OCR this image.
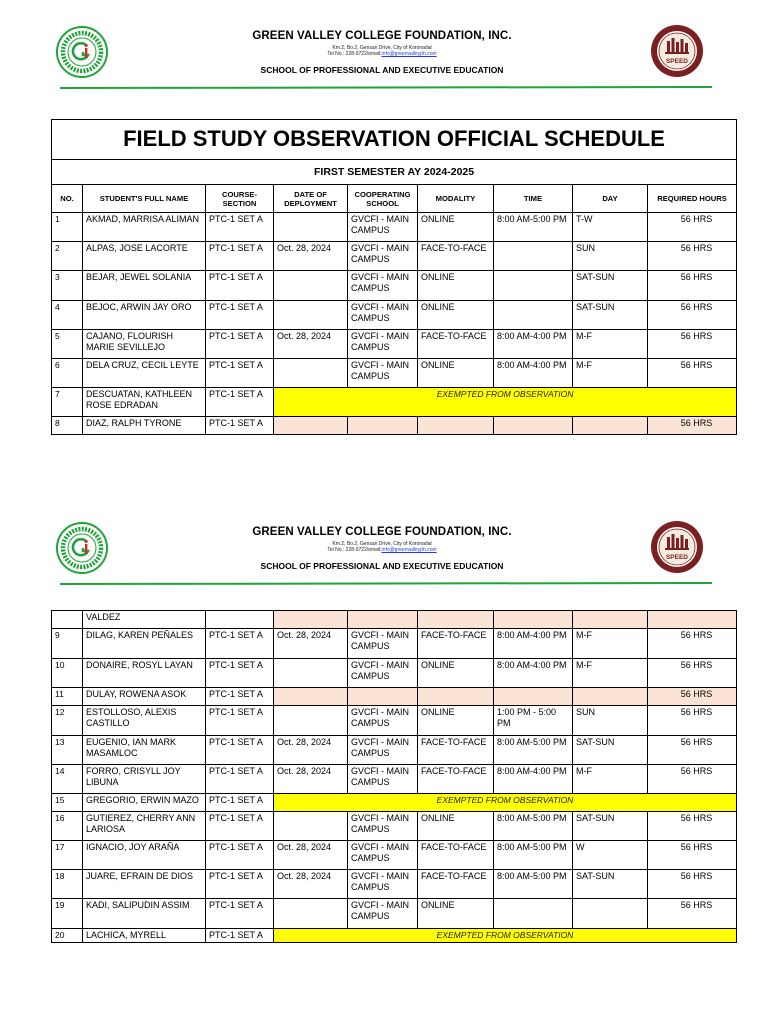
GREEN VALLEY COLLEGE FOUNDATION, INC.
Km.2, Bo.2, Gensan Drive, City of Koronadal
Tel No.: 228-9722/email:info@greenvalleyph.com
SCHOOL OF PROFESSIONAL AND EXECUTIVE EDUCATION
SPEED
FIELD STUDY OBSERVATION OFFICIAL SCHEDULE								
FIRST SEMESTER AY 2024-2025								
NO.	STUDENT'S FULL NAME	COURSE-SECTION	DATE OF DEPLOYMENT	COOPERATING SCHOOL	MODALITY	TIME	DAY	REQUIRED HOURS
1	AKMAD, MARRISA ALIMAN	PTC-1 SET A		GVCFI - MAIN CAMPUS	ONLINE	8:00 AM-5:00 PM	T-W	56 HRS
2	ALPAS, JOSE LACORTE	PTC-1 SET A	Oct. 28, 2024	GVCFI - MAIN CAMPUS	FACE-TO-FACE		SUN	56 HRS
3	BEJAR, JEWEL SOLANIA	PTC-1 SET A		GVCFI - MAIN CAMPUS	ONLINE		SAT-SUN	56 HRS
4	BEJOC, ARWIN JAY ORO	PTC-1 SET A		GVCFI - MAIN CAMPUS	ONLINE		SAT-SUN	56 HRS
5	CAJANO, FLOURISH MARIE SEVILLEJO	PTC-1 SET A	Oct. 28, 2024	GVCFI - MAIN CAMPUS	FACE-TO-FACE	8:00 AM-4:00 PM	M-F	56 HRS
6	DELA CRUZ, CECIL LEYTE	PTC-1 SET A		GVCFI - MAIN CAMPUS	ONLINE	8:00 AM-4:00 PM	M-F	56 HRS
7	DESCUATAN, KATHLEEN ROSE EDRADAN	PTC-1 SET A	EXEMPTED FROM OBSERVATION					
8	DIAZ, RALPH TYRONE	PTC-1 SET A						56 HRS
GREEN VALLEY COLLEGE FOUNDATION, INC.
Km.2, Bo.2, Gensan Drive, City of Koronadal
Tel No.: 228-9722/email:info@greenvalleyph.com
SCHOOL OF PROFESSIONAL AND EXECUTIVE EDUCATION
SPEED
	VALDEZ							
9	DILAG, KAREN PEÑALES	PTC-1 SET A	Oct. 28, 2024	GVCFI - MAIN CAMPUS	FACE-TO-FACE	8:00 AM-4:00 PM	M-F	56 HRS
10	DONAIRE, ROSYL LAYAN	PTC-1 SET A		GVCFI - MAIN CAMPUS	ONLINE	8:00 AM-4:00 PM	M-F	56 HRS
11	DULAY, ROWENA ASOK	PTC-1 SET A						56 HRS
12	ESTOLLOSO, ALEXIS CASTILLO	PTC-1 SET A		GVCFI - MAIN CAMPUS	ONLINE	1:00 PM - 5:00 PM	SUN	56 HRS
13	EUGENIO, IAN MARK MASAMLOC	PTC-1 SET A	Oct. 28, 2024	GVCFI - MAIN CAMPUS	FACE-TO-FACE	8:00 AM-5:00 PM	SAT-SUN	56 HRS
14	FORRO, CRISYLL JOY LIBUNA	PTC-1 SET A	Oct. 28, 2024	GVCFI - MAIN CAMPUS	FACE-TO-FACE	8:00 AM-4:00 PM	M-F	56 HRS
15	GREGORIO, ERWIN MAZO	PTC-1 SET A	EXEMPTED FROM OBSERVATION					
16	GUTIEREZ, CHERRY ANN LARIOSA	PTC-1 SET A		GVCFI - MAIN CAMPUS	ONLINE	8:00 AM-5:00 PM	SAT-SUN	56 HRS
17	IGNACIO, JOY ARAÑA	PTC-1 SET A	Oct. 28, 2024	GVCFI - MAIN CAMPUS	FACE-TO-FACE	8:00 AM-5:00 PM	W	56 HRS
18	JUARE, EFRAIN DE DIOS	PTC-1 SET A	Oct. 28, 2024	GVCFI - MAIN CAMPUS	FACE-TO-FACE	8:00 AM-5:00 PM	SAT-SUN	56 HRS
19	KADI, SALIPUDIN ASSIM	PTC-1 SET A		GVCFI - MAIN CAMPUS	ONLINE			56 HRS
20	LACHICA, MYRELL	PTC-1 SET A	EXEMPTED FROM OBSERVATION					
